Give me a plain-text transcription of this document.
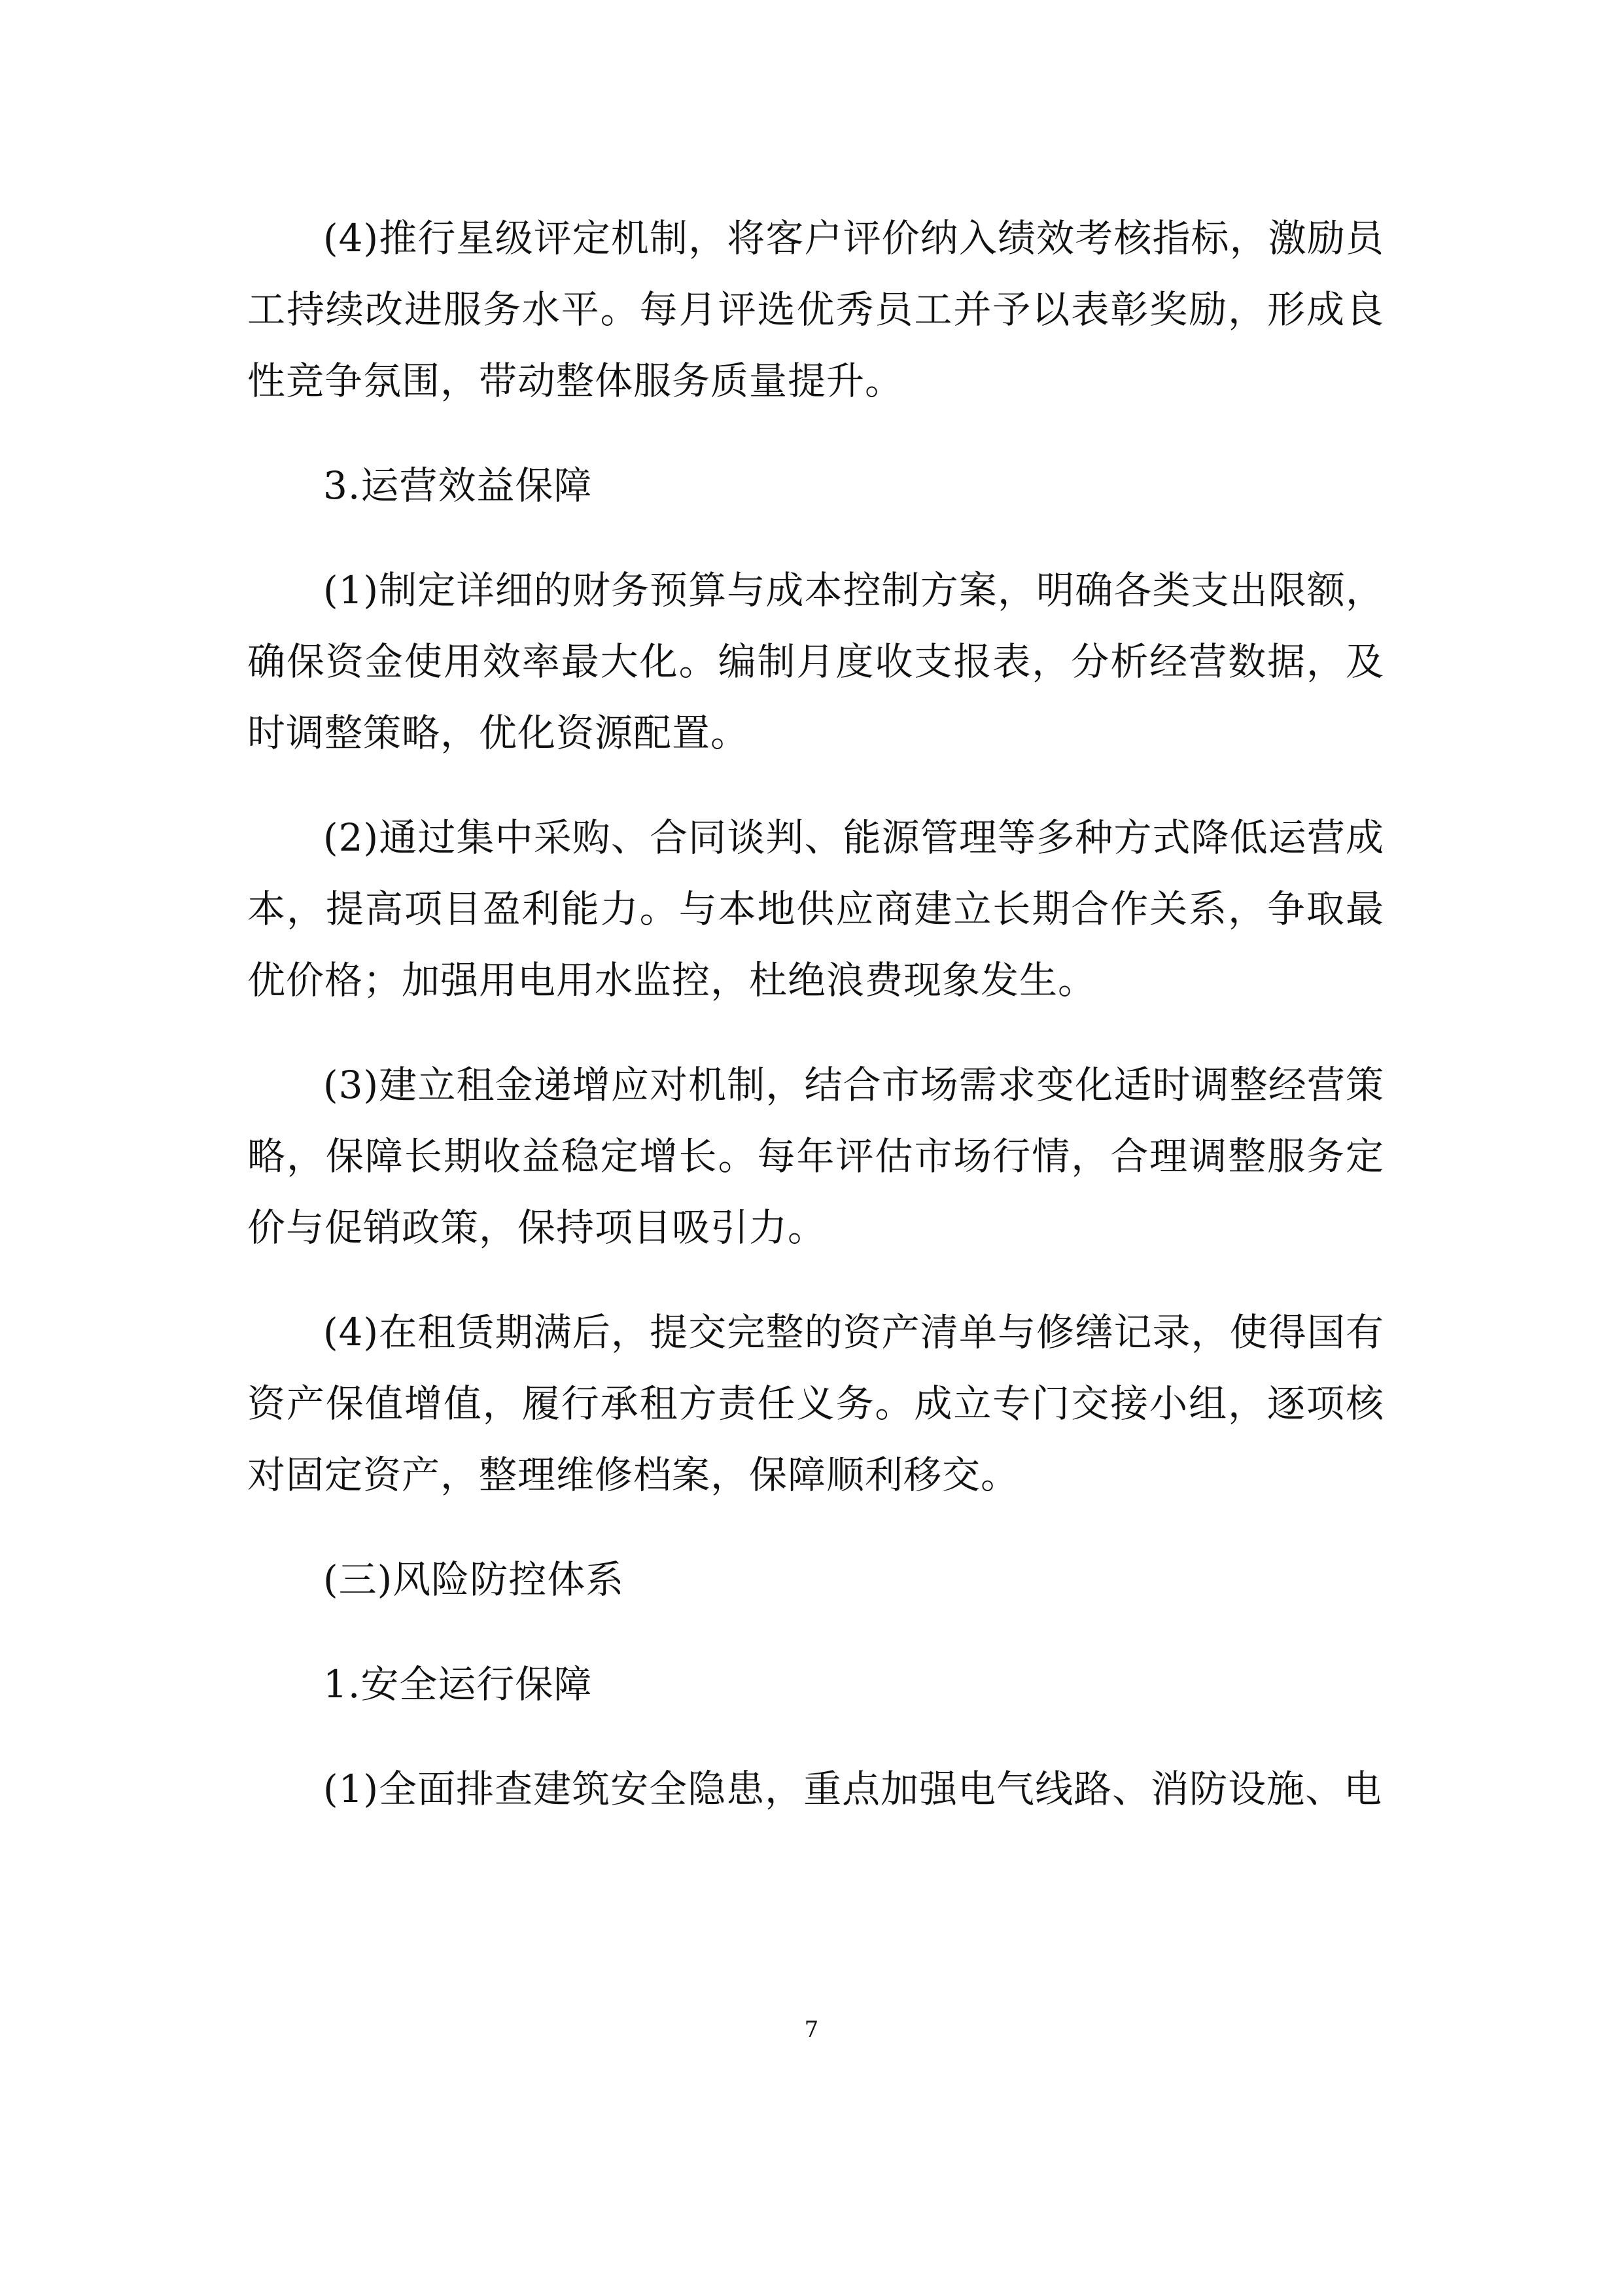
(4)推行星级评定机制，将客户评价纳入绩效考核指标，激励员工持续改进服务水平。每月评选优秀员工并予以表彰奖励，形成良性竞争氛围，带动整体服务质量提升。

3.运营效益保障

(1)制定详细的财务预算与成本控制方案，明确各类支出限额，确保资金使用效率最大化。编制月度收支报表，分析经营数据，及时调整策略，优化资源配置。

(2)通过集中采购、合同谈判、能源管理等多种方式降低运营成本，提高项目盈利能力。与本地供应商建立长期合作关系，争取最优价格；加强用电用水监控，杜绝浪费现象发生。

(3)建立租金递增应对机制，结合市场需求变化适时调整经营策略，保障长期收益稳定增长。每年评估市场行情，合理调整服务定价与促销政策，保持项目吸引力。

(4)在租赁期满后，提交完整的资产清单与修缮记录，使得国有资产保值增值，履行承租方责任义务。成立专门交接小组，逐项核对固定资产，整理维修档案，保障顺利移交。

(三)风险防控体系

1.安全运行保障

(1)全面排查建筑安全隐患，重点加强电气线路、消防设施、电

7
